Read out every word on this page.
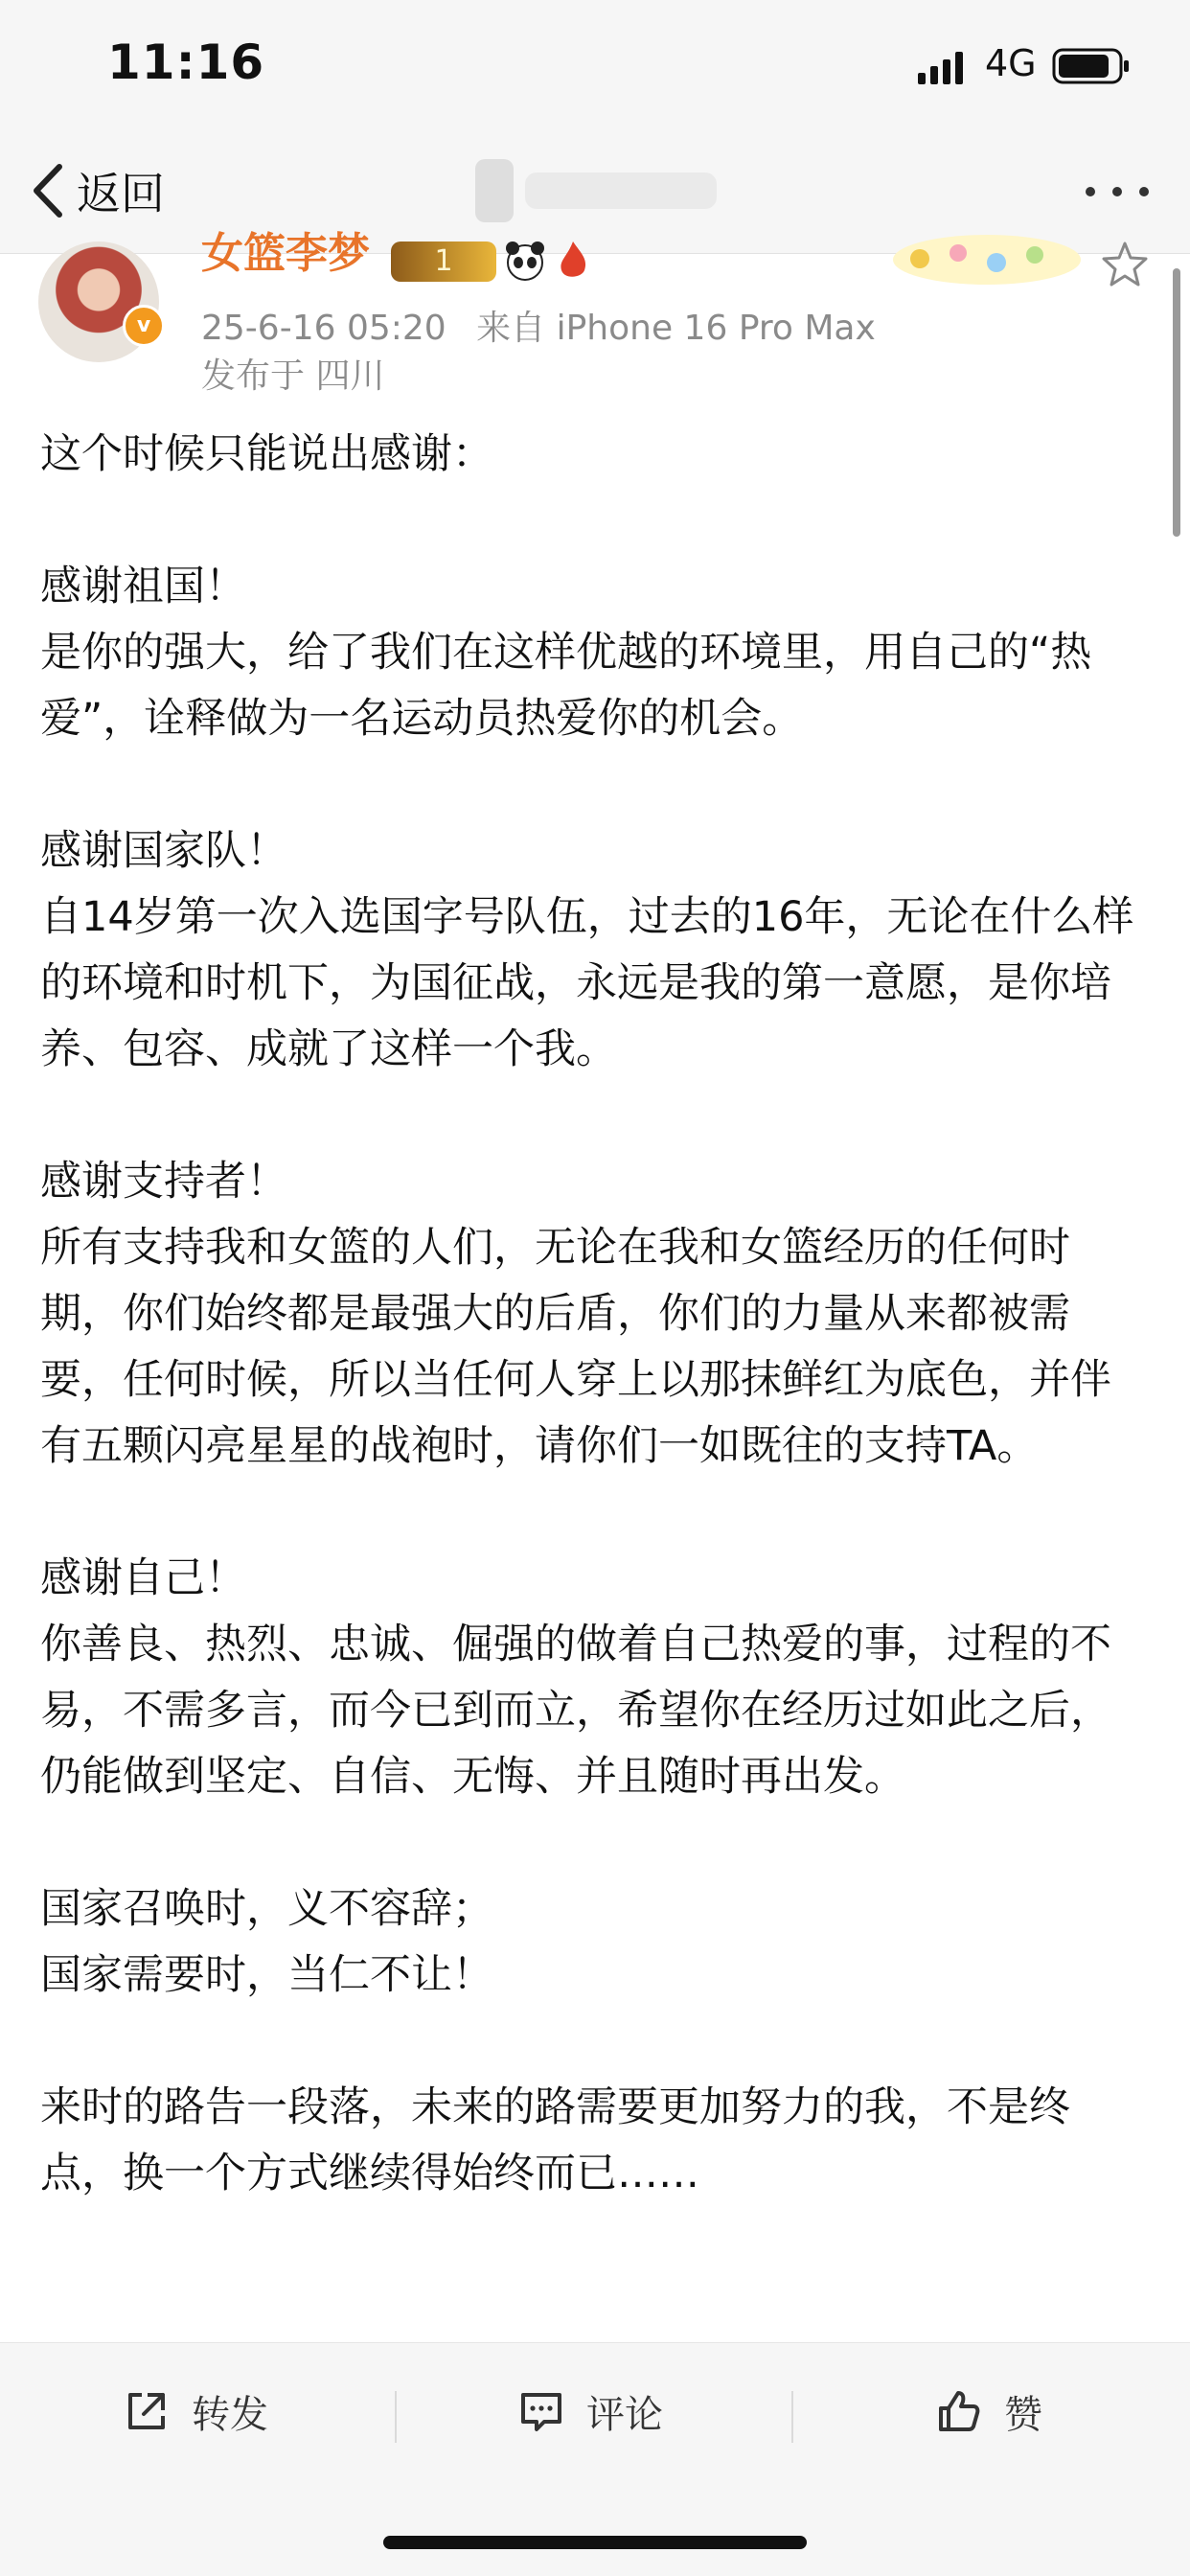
11:16	4G
返回
v
女篮李梦	1
25-6-16 05:20 来自 iPhone 16 Pro Max
发布于 四川

这个时候只能说出感谢：

感谢祖国！
是你的强大，给了我们在这样优越的环境里，用自己的“热爱”，诠释做为一名运动员热爱你的机会。

感谢国家队！
自14岁第一次入选国字号队伍，过去的16年，无论在什么样的环境和时机下，为国征战，永远是我的第一意愿，是你培养、包容、成就了这样一个我。

感谢支持者！
所有支持我和女篮的人们，无论在我和女篮经历的任何时期，你们始终都是最强大的后盾，你们的力量从来都被需要，任何时候，所以当任何人穿上以那抹鲜红为底色，并伴有五颗闪亮星星的战袍时，请你们一如既往的支持TA。

感谢自己！
你善良、热烈、忠诚、倔强的做着自己热爱的事，过程的不易，不需多言，而今已到而立，希望你在经历过如此之后，仍能做到坚定、自信、无悔、并且随时再出发。

国家召唤时，义不容辞；
国家需要时，当仁不让！

来时的路告一段落，未来的路需要更加努力的我，不是终点，换一个方式继续得始终而已……

转发	评论	赞
